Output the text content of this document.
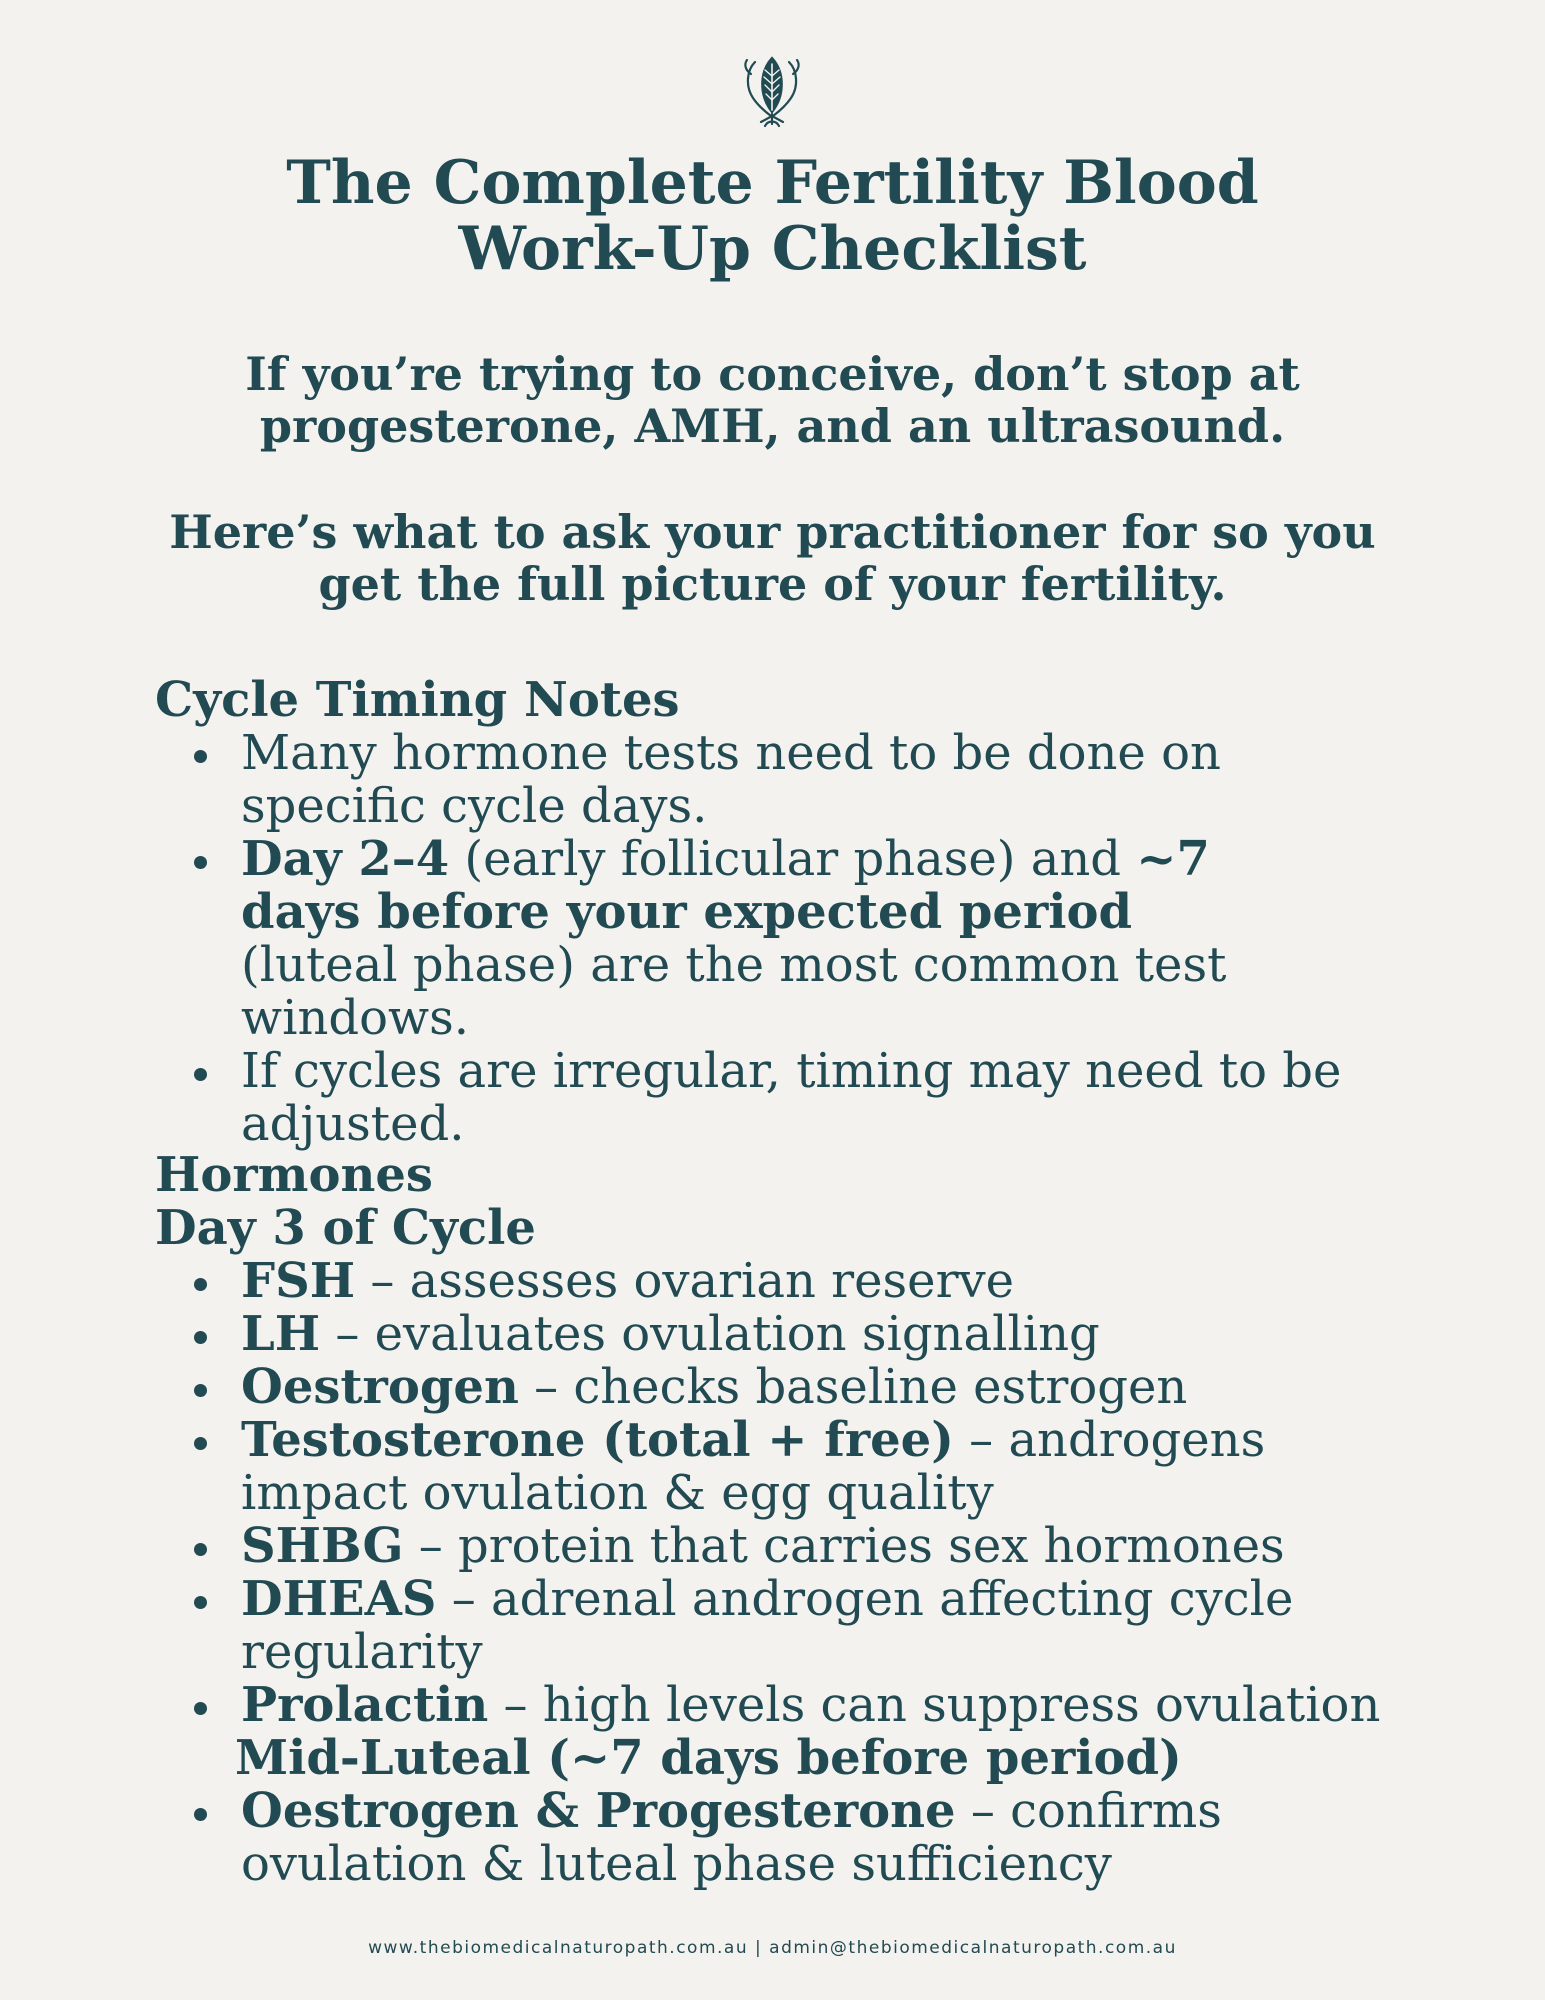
The Complete Fertility Blood
Work-Up Checklist

If you’re trying to conceive, don’t stop at
progesterone, AMH, and an ultrasound.

Here’s what to ask your practitioner for so you
get the full picture of your fertility.

Cycle Timing Notes
Many hormone tests need to be done on specific cycle days.
Day 2–4 (early follicular phase) and ~7 days before your expected period (luteal phase) are the most common test windows.
If cycles are irregular, timing may need to be adjusted.
Hormones
Day 3 of Cycle
FSH – assesses ovarian reserve
LH – evaluates ovulation signalling
Oestrogen – checks baseline estrogen
Testosterone (total + free) – androgens impact ovulation & egg quality
SHBG – protein that carries sex hormones
DHEAS – adrenal androgen affecting cycle regularity
Prolactin – high levels can suppress ovulation
Mid-Luteal (~7 days before period)
Oestrogen & Progesterone – confirms ovulation & luteal phase sufficiency
www.thebiomedicalnaturopath.com.au | admin@thebiomedicalnaturopath.com.au
